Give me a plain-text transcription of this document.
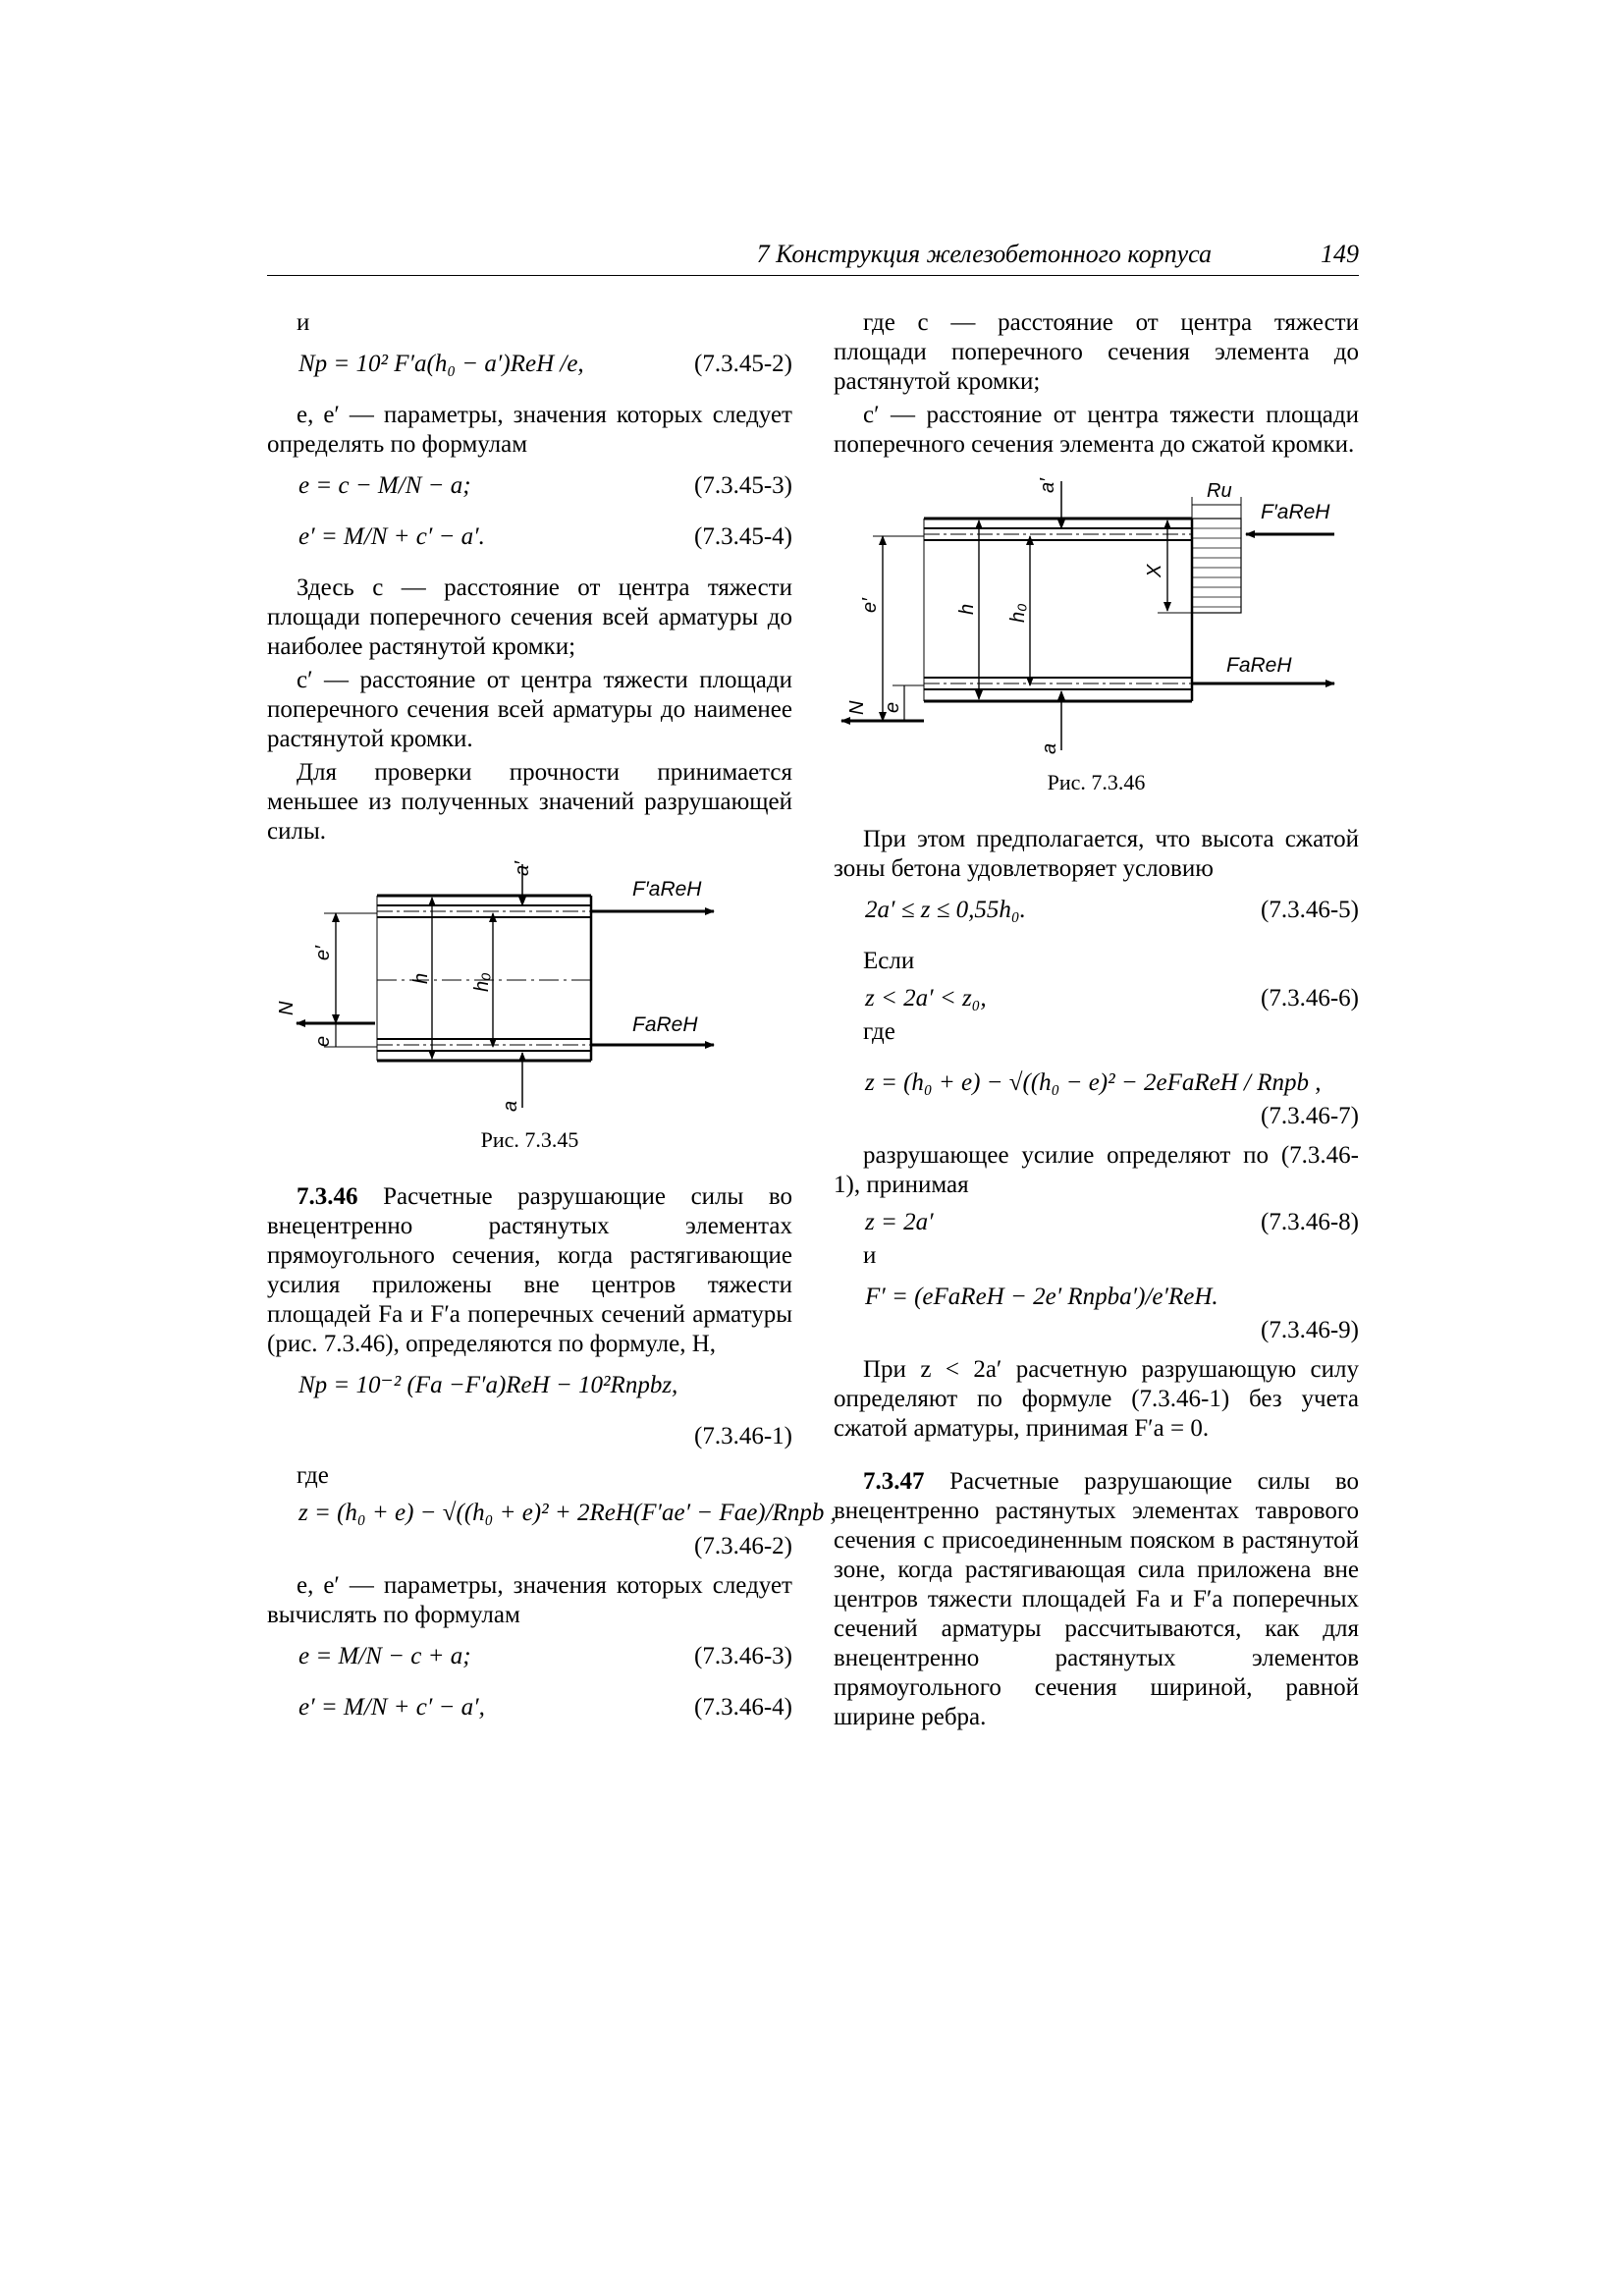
7 Конструкция железобетонного корпуса	149

и

Nр = 10² F′а(h₀ − a′)ReH /e,	(7.3.45-2)

e, e′ — параметры, значения которых следует определять по формулам

e = c − M/N − a;	(7.3.45-3)
e′ = M/N + c′ − a′.	(7.3.45-4)

Здесь c — расстояние от центра тяжести площади поперечного сечения всей арматуры до наиболее растянутой кромки;

c′ — расстояние от центра тяжести площади поперечного сечения всей арматуры до наименее растянутой кромки.

Для проверки прочности принимается меньшее из полученных значений разрушающей силы.

F′aReH
FaReH
a′
a
h h₀
e′
e
N
Рис. 7.3.45

7.3.46 Расчетные разрушающие силы во внецентренно растянутых элементах прямоугольного сечения, когда растягивающие усилия приложены вне центров тяжести площадей Fа и F′а поперечных сечений арматуры (рис. 7.3.46), определяются по формуле, Н,

Nр = 10⁻² (Fа −F′а)ReH − 10²Rпрbz,
(7.3.46-1)

где

z = (h₀ + e) − √((h₀ + e)² + 2ReH(F′аe′ − Fаe)/Rпрb ,
(7.3.46-2)

e, e′ — параметры, значения которых следует вычислять по формулам

e = M/N − c + a;	(7.3.46-3)
e′ = M/N + c′ − a′,	(7.3.46-4)

где c — расстояние от центра тяжести площади поперечного сечения элемента до растянутой кромки;

c′ — расстояние от центра тяжести площади поперечного сечения элемента до сжатой кромки.

Ru
F′aReH
FaReH
X
a′
a
h h₀
e′
e
N
Рис. 7.3.46

При этом предполагается, что высота сжатой зоны бетона удовлетворяет условию

2a′ ≤ z ≤ 0,55h₀.	(7.3.46-5)

Если

z < 2a′ < z₀,	(7.3.46-6)

где

z = (h₀ + e) − √((h₀ − e)² − 2eFаReH / Rпрb ,
(7.3.46-7)

разрушающее усилие определяют по (7.3.46-1), принимая

z = 2a′	(7.3.46-8)

и

F′ = (eFаReH − 2e′ Rпрba′)/e′ReH.
(7.3.46-9)

При z < 2a′ расчетную разрушающую силу определяют по формуле (7.3.46-1) без учета сжатой арматуры, принимая F′а = 0.

7.3.47 Расчетные разрушающие силы во внецентренно растянутых элементах таврового сечения с присоединенным пояском в растянутой зоне, когда растягивающая сила приложена вне центров тяжести площадей Fа и F′а поперечных сечений арматуры рассчитываются, как для внецентренно растянутых элементов прямоугольного сечения шириной, равной ширине ребра.
